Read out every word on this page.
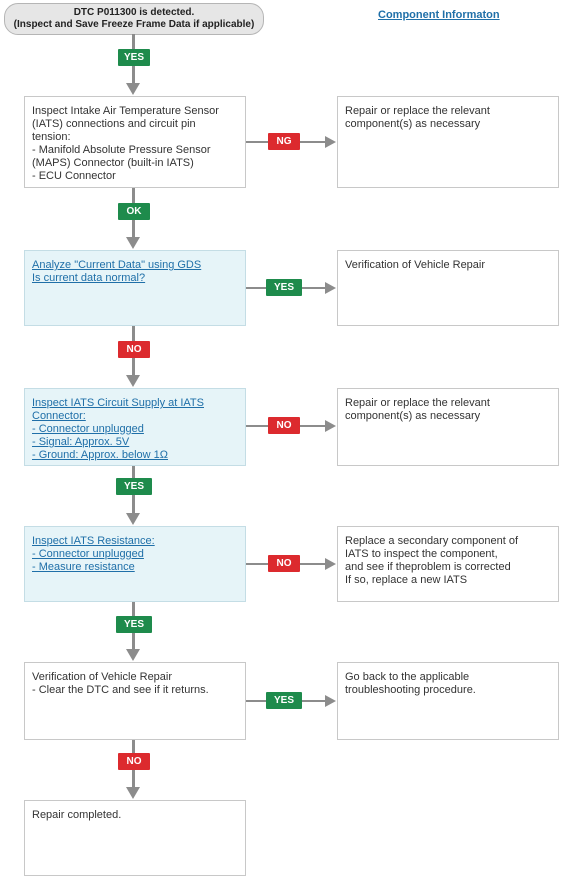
DTC P011300 is detected.
(Inspect and Save Freeze Frame Data if applicable)
Component Informaton
YES
Inspect Intake Air Temperature Sensor
(IATS) connections and circuit pin
tension:
- Manifold Absolute Pressure Sensor
(MAPS) Connector (built-in IATS)
- ECU Connector
NG
Repair or replace the relevant
component(s) as necessary
OK
Analyze "Current Data" using GDS
Is current data normal?
YES
Verification of Vehicle Repair
NO
Inspect IATS Circuit Supply at IATS
Connector:
- Connector unplugged
- Signal: Approx. 5V
- Ground: Approx. below 1Ω
NO
Repair or replace the relevant
component(s) as necessary
YES
Inspect IATS Resistance:
- Connector unplugged
- Measure resistance	NO
Replace a secondary component of
IATS to inspect the component,
and see if theproblem is corrected
If so, replace a new IATS
YES
Verification of Vehicle Repair
- Clear the DTC and see if it returns.
YES
Go back to the applicable
troubleshooting procedure.
NO
Repair completed.
